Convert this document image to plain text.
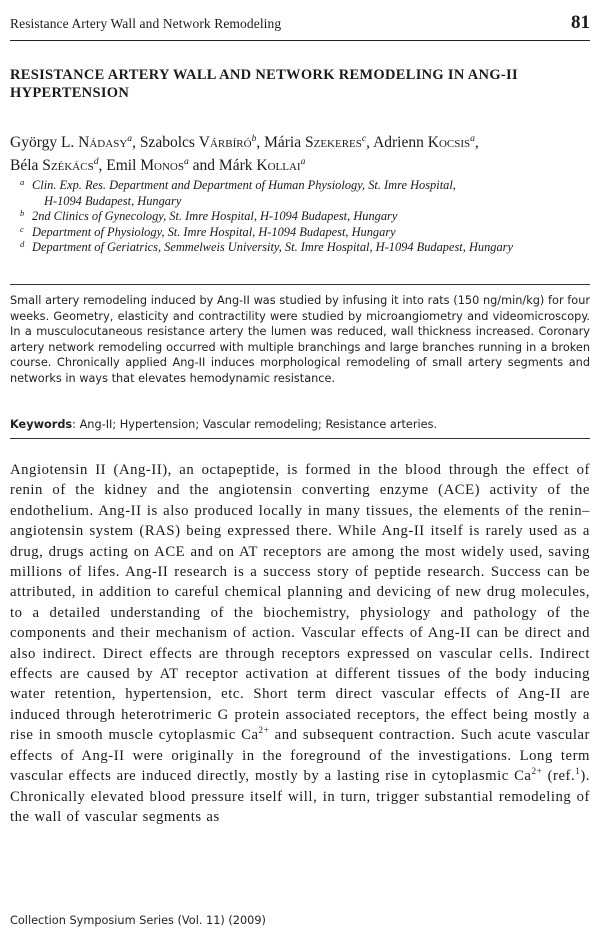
Resistance Artery Wall and Network Remodeling	81
RESISTANCE ARTERY WALL AND NETWORK REMODELING IN ANG-II HYPERTENSION
György L. Nádasy$^a$, Szabolcs Várbíró$^b$, Mária Szekeres$^c$, Adrienn Kocsis$^a$,
Béla Székács$^d$, Emil Monos$^a$ and Márk Kollai$^a$
a Clin. Exp. Res. Department and Department of Human Physiology, St. Imre Hospital,
H-1094 Budapest, Hungary
b 2nd Clinics of Gynecology, St. Imre Hospital, H-1094 Budapest, Hungary
c Department of Physiology, St. Imre Hospital, H-1094 Budapest, Hungary
d Department of Geriatrics, Semmelweis University, St. Imre Hospital, H-1094 Budapest, Hungary
Small artery remodeling induced by Ang-II was studied by infusing it into rats (150 ng/min/kg) for four weeks. Geometry, elasticity and contractility were studied by microangiometry and videomicroscopy. In a musculocutaneous resistance artery the lumen was reduced, wall thickness increased. Coronary artery network remodeling occurred with multiple branchings and large branches running in a broken course. Chronically applied Ang-II induces morphological remodeling of small artery segments and networks in ways that elevates hemodynamic resistance.
Keywords: Ang-II; Hypertension; Vascular remodeling; Resistance arteries.
Angiotensin II (Ang-II), an octapeptide, is formed in the blood through the effect of renin of the kidney and the angiotensin converting enzyme (ACE) activity of the endothelium. Ang-II is also produced locally in many tissues, the elements of the renin–angiotensin system (RAS) being expressed there. While Ang-II itself is rarely used as a drug, drugs acting on ACE and on AT receptors are among the most widely used, saving millions of lifes. Ang-II research is a success story of peptide research. Success can be attributed, in addition to careful chemical planning and devicing of new drug molecules, to a detailed understanding of the biochemistry, physiology and pathology of the components and their mechanism of action. Vascular effects of Ang-II can be direct and also indirect. Direct effects are through receptors expressed on vascular cells. Indirect effects are caused by AT receptor activation at different tissues of the body inducing water retention, hypertension, etc. Short term direct vascular effects of Ang-II are induced through heterotrimeric G protein associated receptors, the effect being mostly a rise in smooth muscle cytoplasmic $Ca^{2+}$ and subsequent contraction. Such acute vascular effects of Ang-II were originally in the foreground of the investigations. Long term vascular effects are induced directly, mostly by a lasting rise in cytoplasmic $Ca^{2+}$ (ref.$^1$). Chronically elevated blood pressure itself will, in turn, trigger substantial remodeling of the wall of vascular segments as
Collection Symposium Series (Vol. 11) (2009)
